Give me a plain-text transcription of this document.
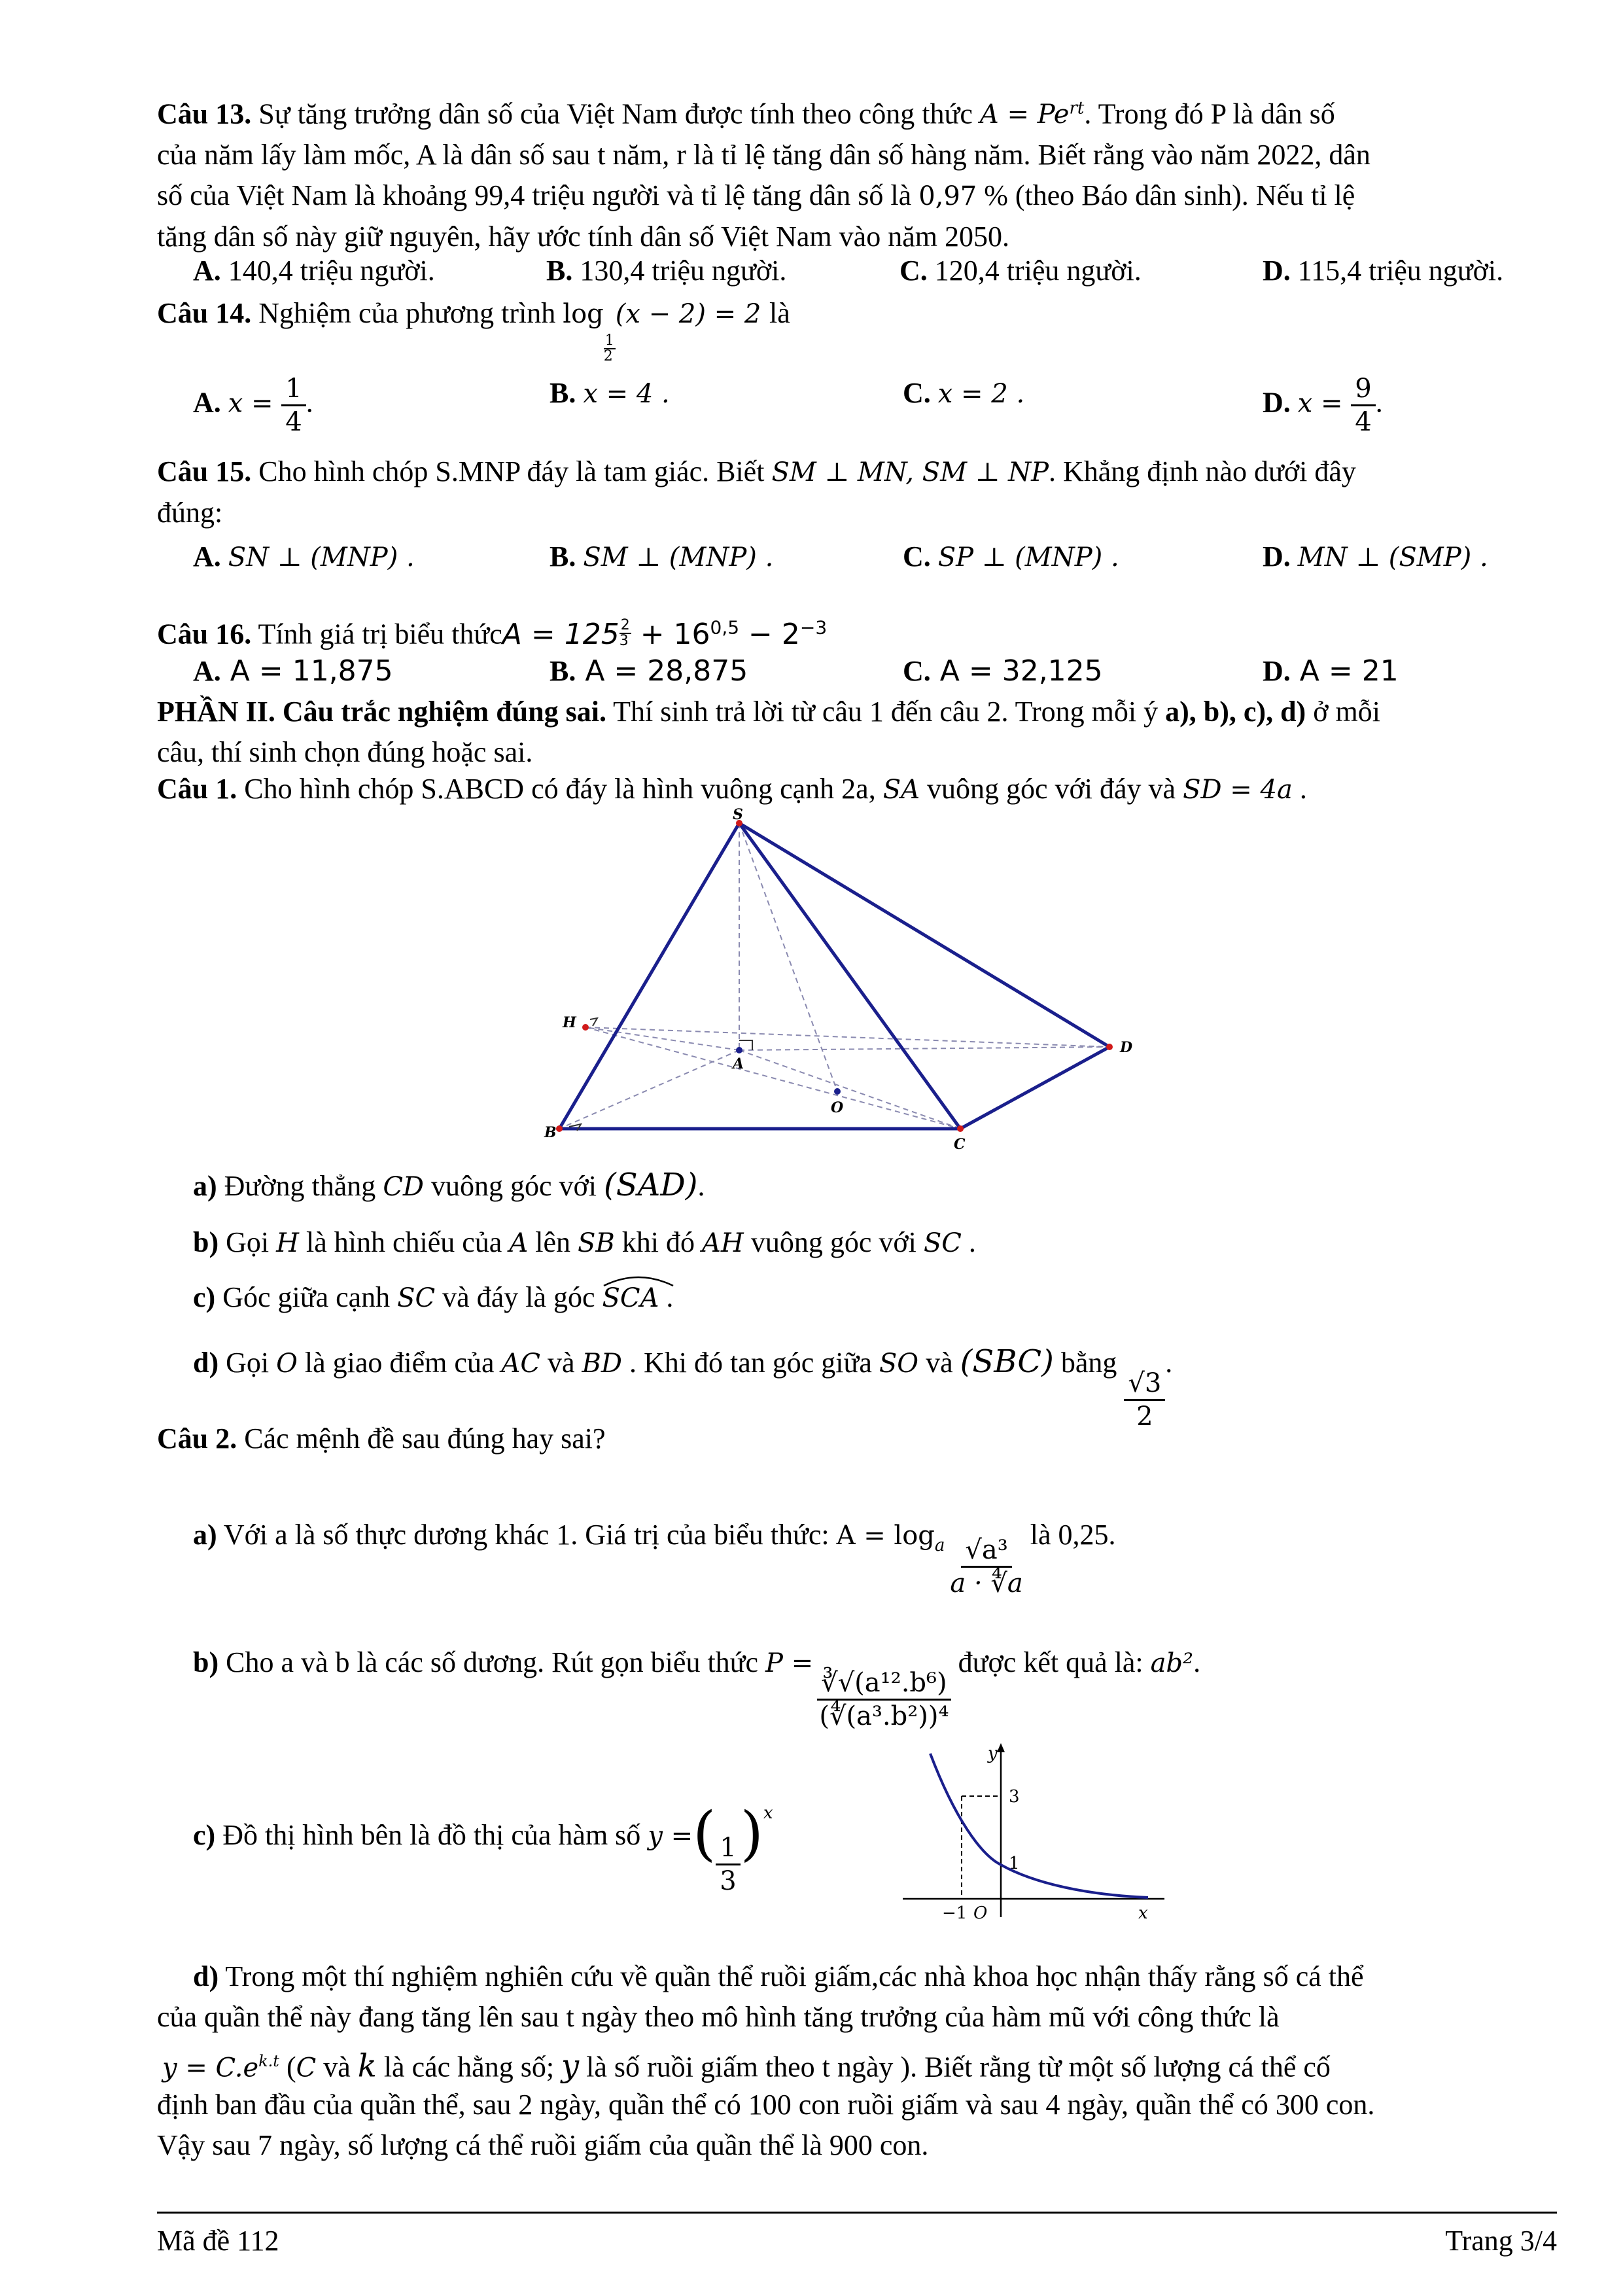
Câu 13. Sự tăng trưởng dân số của Việt Nam được tính theo công thức $A = Pe^{rt}$. Trong đó P là dân số
của năm lấy làm mốc, A là dân số sau t năm, r là tỉ lệ tăng dân số hàng năm. Biết rằng vào năm 2022, dân
số của Việt Nam là khoảng 99,4 triệu người và tỉ lệ tăng dân số là 0,97 % (theo Báo dân sinh). Nếu tỉ lệ
tăng dân số này giữ nguyên, hãy ước tính dân số Việt Nam vào năm 2050.
A. 140,4 triệu người.	B. 130,4 triệu người.	C. 120,4 triệu người.	D. 115,4 triệu người.
Câu 14. Nghiệm của phương trình log
$\frac{1}{2}$
(x − 2) = 2 là
A. $x = \frac{1}{4}$ .	B. x = 4 .	C. x = 2 .	D. $x = \frac{9}{4}$ .
Câu 15. Cho hình chóp S.MNP đáy là tam giác. Biết SM ⊥ MN, SM ⊥ NP. Khẳng định nào dưới đây
đúng:
A. SN ⊥ (MNP) .	B. SM ⊥ (MNP) .	C. SP ⊥ (MNP) .	D. MN ⊥ (SMP) .
Câu 16. Tính giá trị biểu thứcA = $125 \frac{2}{3} + 16^{0,5} - 2^{-3}$
A. A = 11,875	B. A = 28,875	C. A = 32,125	D. A = 21
PHẦN II. Câu trắc nghiệm đúng sai. Thí sinh trả lời từ câu 1 đến câu 2. Trong mỗi ý a), b), c), d) ở mỗi
câu, thí sinh chọn đúng hoặc sai.
Câu 1. Cho hình chóp S.ABCD có đáy là hình vuông cạnh 2a, SA vuông góc với đáy và SD = 4a .
S
A
B
C
D
H
O
a) Đường thẳng CD vuông góc với (SAD).
b) Gọi H là hình chiếu của A lên SB khi đó AH vuông góc với SC .
c) Góc giữa cạnh SC và đáy là góc SCA
.
d) Gọi O là giao điểm của AC và BD . Khi đó tan góc giữa SO và (SBC) bằng
$\frac{√3}{2}$
.
Câu 2. Các mệnh đề sau đúng hay sai?
a) Với a là số thực dương khác 1. Giá trị của biểu thức: $A = \log_a \frac{\text{√a³}}{a \cdot ∜a}$ là 0,25.
b) Cho a và b là các số dương. Rút gọn biểu thức P =
$\frac{\text{∛√(a¹².b⁶)}}{\text{(∜(a³.b²))⁴}}$
được kết quả là: ab².
c) Đồ thị hình bên là đồ thị của hàm số y =( $\frac{1}{3} )^x$
y
x
3
1
−1 O
d) Trong một thí nghiệm nghiên cứu về quần thể ruồi giấm,các nhà khoa học nhận thấy rằng số cá thể
của quần thể này đang tăng lên sau t ngày theo mô hình tăng trưởng của hàm mũ với công thức là
$y = C.e^{k.t}$ (C và k là các hằng số; y là số ruồi giấm theo t ngày ). Biết rằng từ một số lượng cá thể cố
định ban đầu của quần thể, sau 2 ngày, quần thể có 100 con ruồi giấm và sau 4 ngày, quần thể có 300 con.
Vậy sau 7 ngày, số lượng cá thể ruồi giấm của quần thể là 900 con.
Mã đề 112	Trang 3/4
